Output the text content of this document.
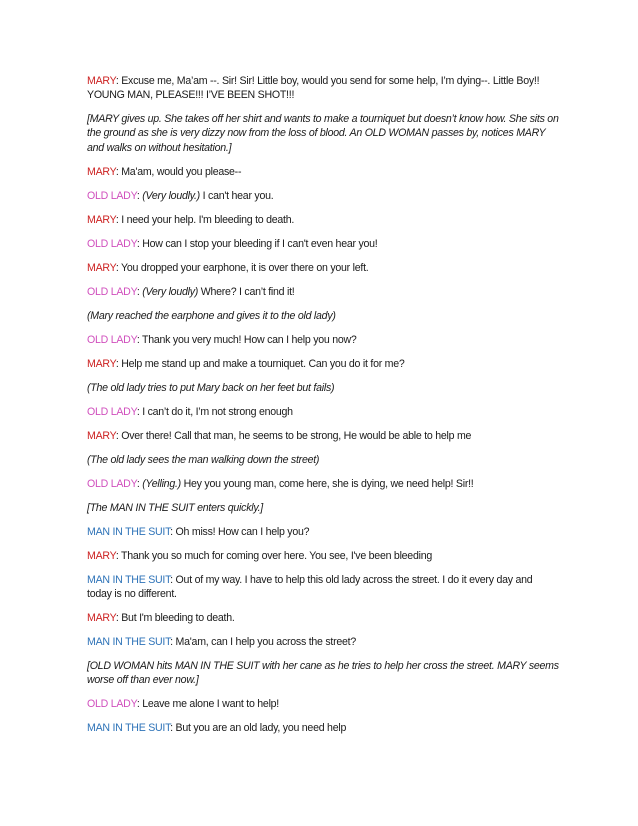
MARY: Excuse me, Ma’am --. Sir! Sir! Little boy, would you send for some help, I’m dying--. Little Boy!! YOUNG MAN, PLEASE!!! I’VE BEEN SHOT!!!

[MARY gives up. She takes off her shirt and wants to make a tourniquet but doesn’t know how. She sits on the ground as she is very dizzy now from the loss of blood. An OLD WOMAN passes by, notices MARY and walks on without hesitation.]

MARY: Ma'am, would you please--

OLD LADY: (Very loudly.) I can't hear you.

MARY: I need your help. I'm bleeding to death.

OLD LADY: How can I stop your bleeding if I can't even hear you!

MARY: You dropped your earphone, it is over there on your left.

OLD LADY: (Very loudly) Where? I can’t find it!

(Mary reached the earphone and gives it to the old lady)

OLD LADY: Thank you very much! How can I help you now?

MARY: Help me stand up and make a tourniquet. Can you do it for me?

(The old lady tries to put Mary back on her feet but fails)

OLD LADY: I can’t do it, I’m not strong enough

MARY: Over there! Call that man, he seems to be strong, He would be able to help me

(The old lady sees the man walking down the street)

OLD LADY: (Yelling.) Hey you young man, come here, she is dying, we need help! Sir!!

[The MAN IN THE SUIT enters quickly.]

MAN IN THE SUIT: Oh miss! How can I help you?

MARY: Thank you so much for coming over here. You see, I've been bleeding

MAN IN THE SUIT: Out of my way. I have to help this old lady across the street. I do it every day and today is no different.

MARY: But I'm bleeding to death.

MAN IN THE SUIT: Ma'am, can I help you across the street?

[OLD WOMAN hits MAN IN THE SUIT with her cane as he tries to help her cross the street. MARY seems worse off than ever now.]

OLD LADY: Leave me alone I want to help!

MAN IN THE SUIT: But you are an old lady, you need help
